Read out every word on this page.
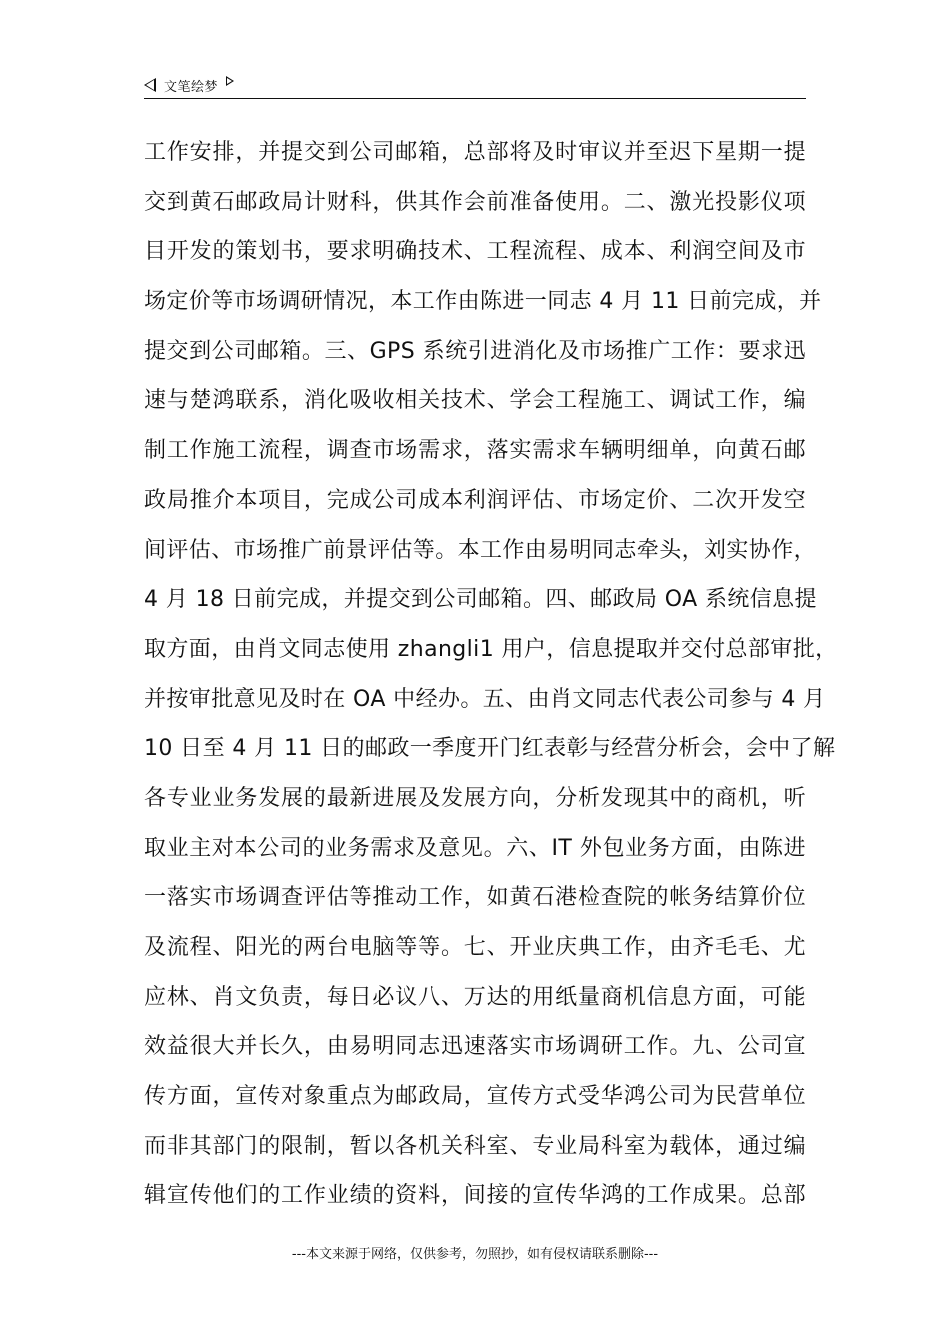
文笔绘梦
工作安排，并提交到公司邮箱，总部将及时审议并至迟下星期一提
交到黄石邮政局计财科，供其作会前准备使用。二、激光投影仪项
目开发的策划书，要求明确技术、工程流程、成本、利润空间及市
场定价等市场调研情况，本工作由陈进一同志 4 月 11 日前完成，并
提交到公司邮箱。三、GPS 系统引进消化及市场推广工作：要求迅
速与楚鸿联系，消化吸收相关技术、学会工程施工、调试工作，编
制工作施工流程，调查市场需求，落实需求车辆明细单，向黄石邮
政局推介本项目，完成公司成本利润评估、市场定价、二次开发空
间评估、市场推广前景评估等。本工作由易明同志牵头，刘实协作，
4 月 18 日前完成，并提交到公司邮箱。四、邮政局 OA 系统信息提
取方面，由肖文同志使用 zhangli1 用户，信息提取并交付总部审批，
并按审批意见及时在 OA 中经办。五、由肖文同志代表公司参与 4 月
10 日至 4 月 11 日的邮政一季度开门红表彰与经营分析会，会中了解
各专业业务发展的最新进展及发展方向，分析发现其中的商机，听
取业主对本公司的业务需求及意见。六、IT 外包业务方面，由陈进
一落实市场调查评估等推动工作，如黄石港检查院的帐务结算价位
及流程、阳光的两台电脑等等。七、开业庆典工作，由齐毛毛、尤
应林、肖文负责，每日必议八、万达的用纸量商机信息方面，可能
效益很大并长久，由易明同志迅速落实市场调研工作。九、公司宣
传方面，宣传对象重点为邮政局，宣传方式受华鸿公司为民营单位
而非其部门的限制，暂以各机关科室、专业局科室为载体，通过编
辑宣传他们的工作业绩的资料，间接的宣传华鸿的工作成果。总部
---本文来源于网络，仅供参考，勿照抄，如有侵权请联系删除---
